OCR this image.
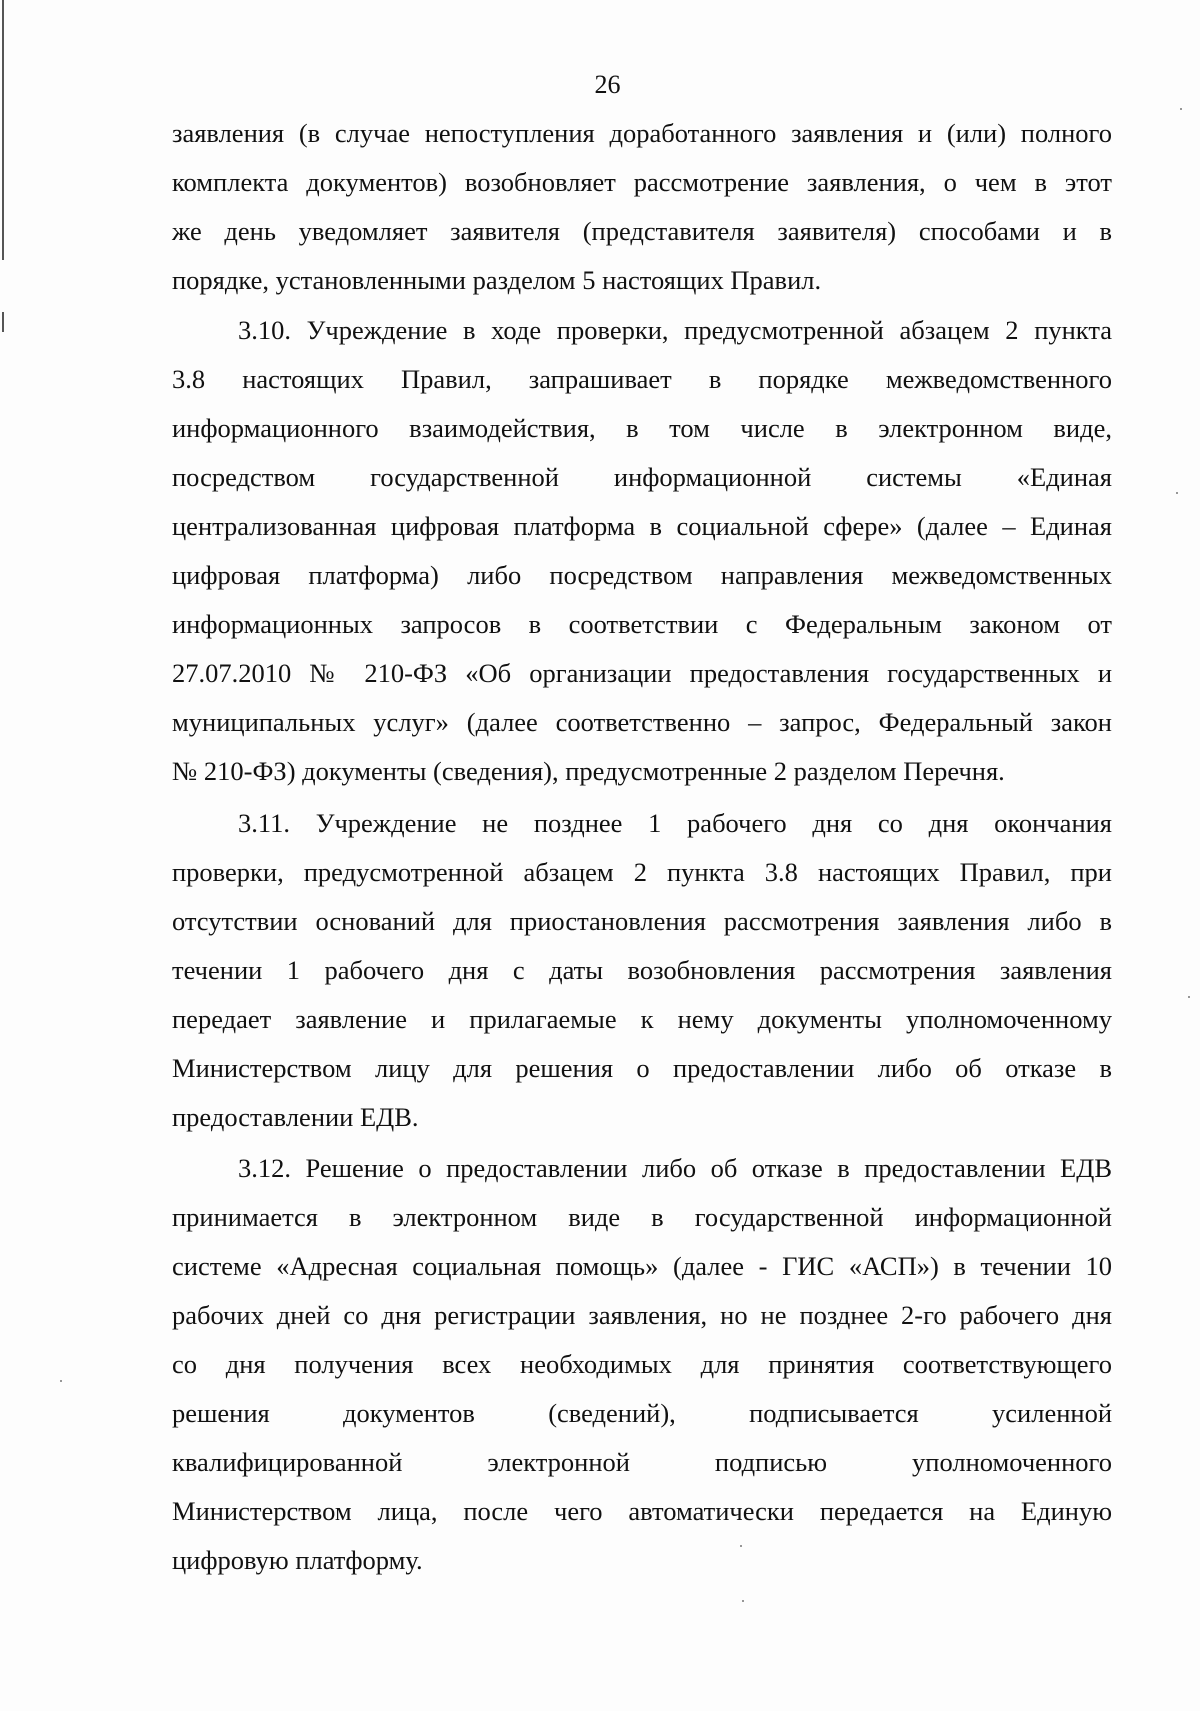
26
заявления (в случае непоступления доработанного заявления и (или) полного
комплекта документов) возобновляет рассмотрение заявления, о чем в этот
же день уведомляет заявителя (представителя заявителя) способами и в
порядке, установленными разделом 5 настоящих Правил.
3.10. Учреждение в ходе проверки, предусмотренной абзацем 2 пункта
3.8 настоящих Правил, запрашивает в порядке межведомственного
информационного взаимодействия, в том числе в электронном виде,
посредством государственной информационной системы «Единая
централизованная цифровая платформа в социальной сфере» (далее – Единая
цифровая платформа) либо посредством направления межведомственных
информационных запросов в соответствии с Федеральным законом от
27.07.2010 № 210-ФЗ «Об организации предоставления государственных и
муниципальных услуг» (далее соответственно – запрос, Федеральный закон
№ 210-ФЗ) документы (сведения), предусмотренные 2 разделом Перечня.
3.11. Учреждение не позднее 1 рабочего дня со дня окончания
проверки, предусмотренной абзацем 2 пункта 3.8 настоящих Правил, при
отсутствии оснований для приостановления рассмотрения заявления либо в
течении 1 рабочего дня с даты возобновления рассмотрения заявления
передает заявление и прилагаемые к нему документы уполномоченному
Министерством лицу для решения о предоставлении либо об отказе в
предоставлении ЕДВ.
3.12. Решение о предоставлении либо об отказе в предоставлении ЕДВ
принимается в электронном виде в государственной информационной
системе «Адресная социальная помощь» (далее - ГИС «АСП») в течении 10
рабочих дней со дня регистрации заявления, но не позднее 2-го рабочего дня
со дня получения всех необходимых для принятия соответствующего
решения документов (сведений), подписывается усиленной
квалифицированной электронной подписью уполномоченного
Министерством лица, после чего автоматически передается на Единую
цифровую платформу.
